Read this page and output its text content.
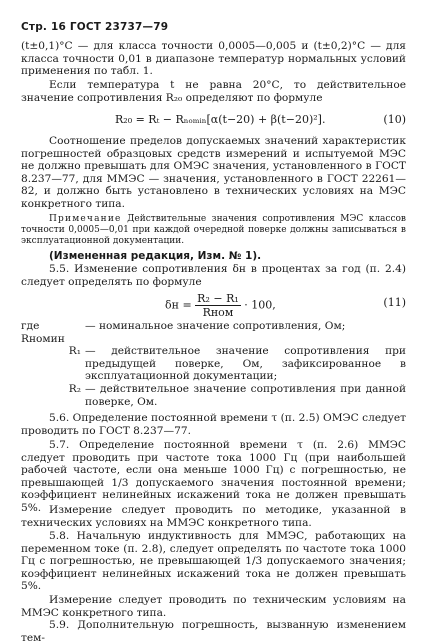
Стр. 16 ГОСТ 23737—79
(t±0,1)°С — для класса точности 0,0005—0,005 и (t±0,2)°С — для класса точности 0,01 в диапазоне температур нормальных условий применения по табл. 1.
Если температура t не равна 20°С, то действительное значение сопротивления R₂₀ определяют по формуле
R₂₀ = Rₜ − Rₙₒₘᵢₙ[α(t−20) + β(t−20)²].	(10)
Соотношение пределов допускаемых значений характеристик погрешностей образцовых средств измерений и испытуемой МЭС не должно превышать для ОМЭС значения, установленного в ГОСТ 8.237—77, для ММЭС — значения, установленного в ГОСТ 22261—82, и должно быть установлено в технических условиях на МЭС конкретного типа.
Примечание Действительные значения сопротивления МЭС классов точности 0,0005—0,01 при каждой очередной поверке должны записываться в эксплуатационной документации.
(Измененная редакция, Изм. № 1).
5.5. Изменение сопротивления δн в процентах за год (п. 2.4) следует определять по формуле
$\delta н = \frac{\text{R₂ − R₁}}{\text{Rном}} \cdot 100$,	(11)
где Rномин
— номинальное значение сопротивления, Ом;
R₁ — действительное значение сопротивления при предыдущей поверке, Ом, зафиксированное в эксплуатационной документации;
R₂ — действительное значение сопротивления при данной поверке, Ом.
5.6. Определение постоянной времени τ (п. 2.5) ОМЭС следует проводить по ГОСТ 8.237—77.
5.7. Определение постоянной времени τ (п. 2.6) ММЭС следует проводить при частоте тока 1000 Гц (при наибольшей рабочей частоте, если она меньше 1000 Гц) с погрешностью, не превышающей 1/3 допускаемого значения постоянной времени; коэффициент нелинейных искажений тока не должен превышать 5%. Измерение следует проводить по методике, указанной в технических условиях на ММЭС конкретного типа.
5.8. Начальную индуктивность для ММЭС, работающих на переменном токе (п. 2.8), следует определять по частоте тока 1000 Гц с погрешностью, не превышающей 1/3 допускаемого значения; коэффициент нелинейных искажений тока не должен превышать 5%.
Измерение следует проводить по техническим условиям на ММЭС конкретного типа.
5.9. Дополнительную погрешность, вызванную изменением тем-
